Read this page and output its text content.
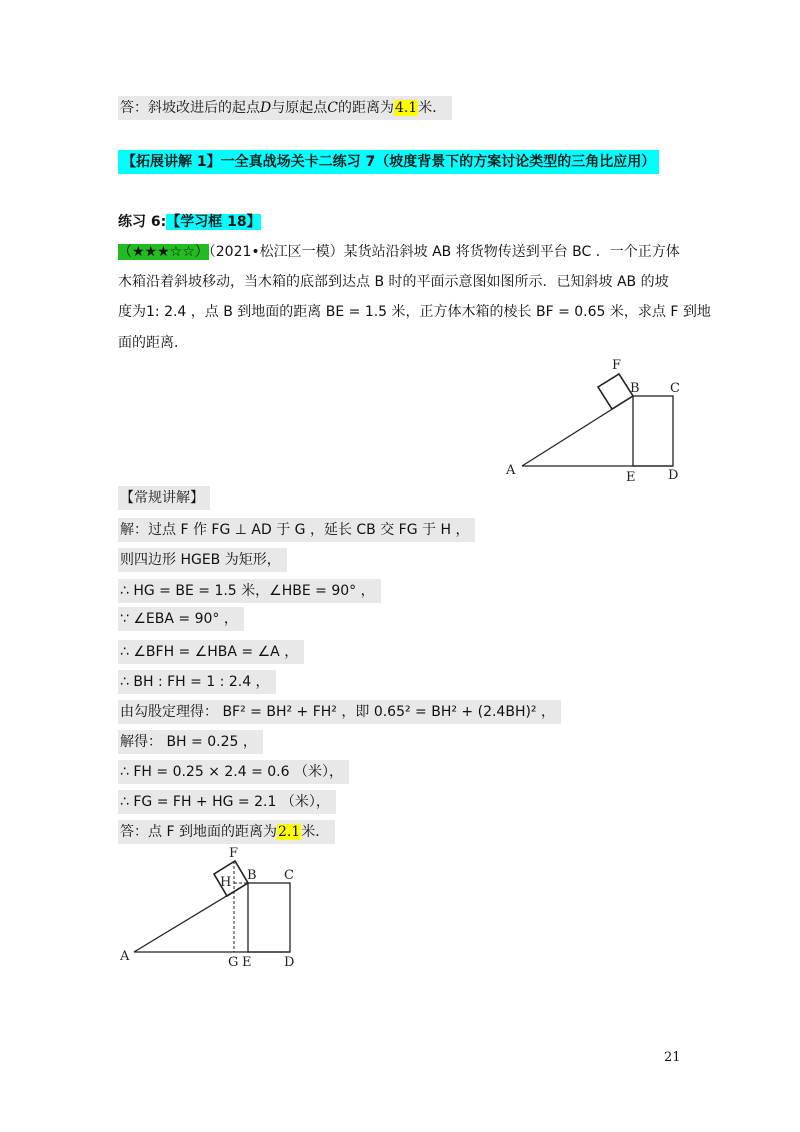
答：斜坡改进后的起点D与原起点C的距离为4.1米．
【拓展讲解 1】一全真战场关卡二练习 7（坡度背景下的方案讨论类型的三角比应用）
练习 6:【学习框 18】
（★★★☆☆）（2021•松江区一模）某货站沿斜坡 AB 将货物传送到平台 BC ．一个正方体
木箱沿着斜坡移动，当木箱的底部到达点 B 时的平面示意图如图所示．已知斜坡 AB 的坡
度为1: 2.4 ，点 B 到地面的距离 BE = 1.5 米，正方体木箱的棱长 BF = 0.65 米，求点 F 到地
面的距离．
F
B C
A	E	D
【常规讲解】
解：过点 F 作 FG ⊥ AD 于 G ，延长 CB 交 FG 于 H ，
则四边形 HGEB 为矩形，
∴ HG = BE = 1.5 米，∠HBE = 90° ，
∵ ∠EBA = 90° ，
∴ ∠BFH = ∠HBA = ∠A ，
∴ BH : FH = 1 : 2.4 ，
由勾股定理得： BF² = BH² + FH² ，即 0.65² = BH² + (2.4BH)² ，
解得： BH = 0.25 ，
∴ FH = 0.25 × 2.4 = 0.6 （米），
∴ FG = FH + HG = 2.1 （米），
答：点 F 到地面的距离为2.1米．
F
H B C
A	G E	D
21
